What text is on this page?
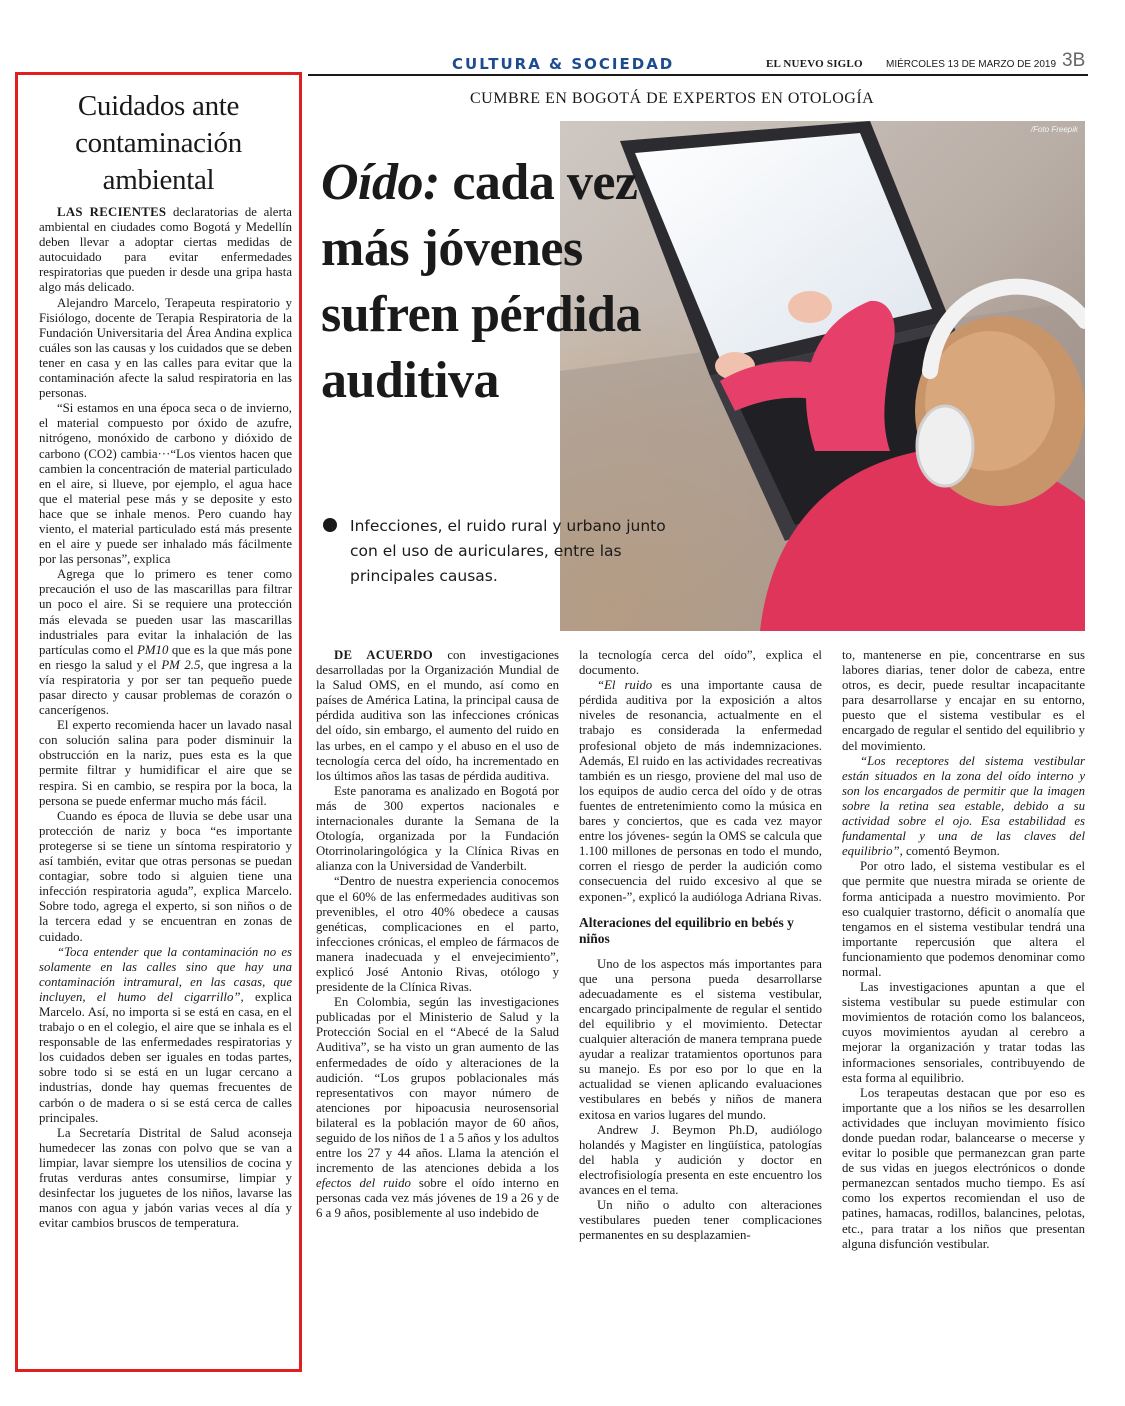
CULTURA & SOCIEDAD	EL NUEVO SIGLO MIÉRCOLES 13 DE MARZO DE 2019 3B
Cuidados ante contaminación ambiental

LAS RECIENTES declaratorias de alerta ambiental en ciudades como Bogotá y Medellín deben llevar a adoptar ciertas medidas de autocuidado para evitar enfermedades respiratorias que pueden ir desde una gripa hasta algo más delicado.

Alejandro Marcelo, Terapeuta respiratorio y Fisiólogo, docente de Terapia Respiratoria de la Fundación Universitaria del Área Andina explica cuáles son las causas y los cuidados que se deben tener en casa y en las calles para evitar que la contaminación afecte la salud respiratoria en las personas.

“Si estamos en una época seca o de invierno, el material compuesto por óxido de azufre, nitrógeno, monóxido de carbono y dióxido de carbono (CO2) cambia···“Los vientos hacen que cambien la concentración de material particulado en el aire, si llueve, por ejemplo, el agua hace que el material pese más y se deposite y esto hace que se inhale menos. Pero cuando hay viento, el material particulado está más presente en el aire y puede ser inhalado más fácilmente por las personas”, explica

Agrega que lo primero es tener como precaución el uso de las mascarillas para filtrar un poco el aire. Si se requiere una protección más elevada se pueden usar las mascarillas industriales para evitar la inhalación de las partículas como el PM10 que es la que más pone en riesgo la salud y el PM 2.5, que ingresa a la vía respiratoria y por ser tan pequeño puede pasar directo y causar problemas de corazón o cancerígenos.

El experto recomienda hacer un lavado nasal con solución salina para poder disminuir la obstrucción en la nariz, pues esta es la que permite filtrar y humidificar el aire que se respira. Si en cambio, se respira por la boca, la persona se puede enfermar mucho más fácil.

Cuando es época de lluvia se debe usar una protección de nariz y boca “es importante protegerse si se tiene un síntoma respiratorio y así también, evitar que otras personas se puedan contagiar, sobre todo si alguien tiene una infección respiratoria aguda”, explica Marcelo. Sobre todo, agrega el experto, si son niños o de la tercera edad y se encuentran en zonas de cuidado.

“Toca entender que la contaminación no es solamente en las calles sino que hay una contaminación intramural, en las casas, que incluyen, el humo del cigarrillo”, explica Marcelo. Así, no importa si se está en casa, en el trabajo o en el colegio, el aire que se inhala es el responsable de las enfermedades respiratorias y los cuidados deben ser iguales en todas partes, sobre todo si se está en un lugar cercano a industrias, donde hay quemas frecuentes de carbón o de madera o si se está cerca de calles principales.

La Secretaría Distrital de Salud aconseja humedecer las zonas con polvo que se van a limpiar, lavar siempre los utensilios de cocina y frutas verduras antes consumirse, limpiar y desinfectar los juguetes de los niños, lavarse las manos con agua y jabón varias veces al día y evitar cambios bruscos de temperatura.

CUMBRE EN BOGOTÁ DE EXPERTOS EN OTOLOGÍA
/Foto Freepik
Oído: cada vez más jóvenes sufren pérdida auditiva
Infecciones, el ruido rural y urbano junto con el uso de auriculares, entre las principales causas.

DE ACUERDO con investigaciones desarrolladas por la Organización Mundial de la Salud OMS, en el mundo, así como en países de América Latina, la principal causa de pérdida auditiva son las infecciones crónicas del oído, sin embargo, el aumento del ruido en las urbes, en el campo y el abuso en el uso de tecnología cerca del oído, ha incrementado en los últimos años las tasas de pérdida auditiva.

Este panorama es analizado en Bogotá por más de 300 expertos nacionales e internacionales durante la Semana de la Otología, organizada por la Fundación Otorrinolaringológica y la Clínica Rivas en alianza con la Universidad de Vanderbilt.

“Dentro de nuestra experiencia conocemos que el 60% de las enfermedades auditivas son prevenibles, el otro 40% obedece a causas genéticas, complicaciones en el parto, infecciones crónicas, el empleo de fármacos de manera inadecuada y el envejecimiento”, explicó José Antonio Rivas, otólogo y presidente de la Clínica Rivas.

En Colombia, según las investigaciones publicadas por el Ministerio de Salud y la Protección Social en el “Abecé de la Salud Auditiva”, se ha visto un gran aumento de las enfermedades de oído y alteraciones de la audición. “Los grupos poblacionales más representativos con mayor número de atenciones por hipoacusia neurosensorial bilateral es la población mayor de 60 años, seguido de los niños de 1 a 5 años y los adultos entre los 27 y 44 años. Llama la atención el incremento de las atenciones debida a los efectos del ruido sobre el oído interno en personas cada vez más jóvenes de 19 a 26 y de 6 a 9 años, posiblemente al uso indebido de

la tecnología cerca del oído”, explica el documento.

“El ruido es una importante causa de pérdida auditiva por la exposición a altos niveles de resonancia, actualmente en el trabajo es considerada la enfermedad profesional objeto de más indemnizaciones. Además, El ruido en las actividades recreativas también es un riesgo, proviene del mal uso de los equipos de audio cerca del oído y de otras fuentes de entretenimiento como la música en bares y conciertos, que es cada vez mayor entre los jóvenes- según la OMS se calcula que 1.100 millones de personas en todo el mundo, corren el riesgo de perder la audición como consecuencia del ruido excesivo al que se exponen-”, explicó la audióloga Adriana Rivas.

Alteraciones del equilibrio en bebés y niños

Uno de los aspectos más importantes para que una persona pueda desarrollarse adecuadamente es el sistema vestibular, encargado principalmente de regular el sentido del equilibrio y el movimiento. Detectar cualquier alteración de manera temprana puede ayudar a realizar tratamientos oportunos para su manejo. Es por eso por lo que en la actualidad se vienen aplicando evaluaciones vestibulares en bebés y niños de manera exitosa en varios lugares del mundo.

Andrew J. Beymon Ph.D, audiólogo holandés y Magister en lingüística, patologías del habla y audición y doctor en electrofisiología presenta en este encuentro los avances en el tema.

Un niño o adulto con alteraciones vestibulares pueden tener complicaciones permanentes en su desplazamien-

to, mantenerse en pie, concentrarse en sus labores diarias, tener dolor de cabeza, entre otros, es decir, puede resultar incapacitante para desarrollarse y encajar en su entorno, puesto que el sistema vestibular es el encargado de regular el sentido del equilibrio y del movimiento.

“Los receptores del sistema vestibular están situados en la zona del oído interno y son los encargados de permitir que la imagen sobre la retina sea estable, debido a su actividad sobre el ojo. Esa estabilidad es fundamental y una de las claves del equilibrio”, comentó Beymon.

Por otro lado, el sistema vestibular es el que permite que nuestra mirada se oriente de forma anticipada a nuestro movimiento. Por eso cualquier trastorno, déficit o anomalía que tengamos en el sistema vestibular tendrá una importante repercusión que altera el funcionamiento que podemos denominar como normal.

Las investigaciones apuntan a que el sistema vestibular su puede estimular con movimientos de rotación como los balanceos, cuyos movimientos ayudan al cerebro a mejorar la organización y tratar todas las informaciones sensoriales, contribuyendo de esta forma al equilibrio.

Los terapeutas destacan que por eso es importante que a los niños se les desarrollen actividades que incluyan movimiento físico donde puedan rodar, balancearse o mecerse y evitar lo posible que permanezcan gran parte de sus vidas en juegos electrónicos o donde permanezcan sentados mucho tiempo. Es así como los expertos recomiendan el uso de patines, hamacas, rodillos, balancines, pelotas, etc., para tratar a los niños que presentan alguna disfunción vestibular.
